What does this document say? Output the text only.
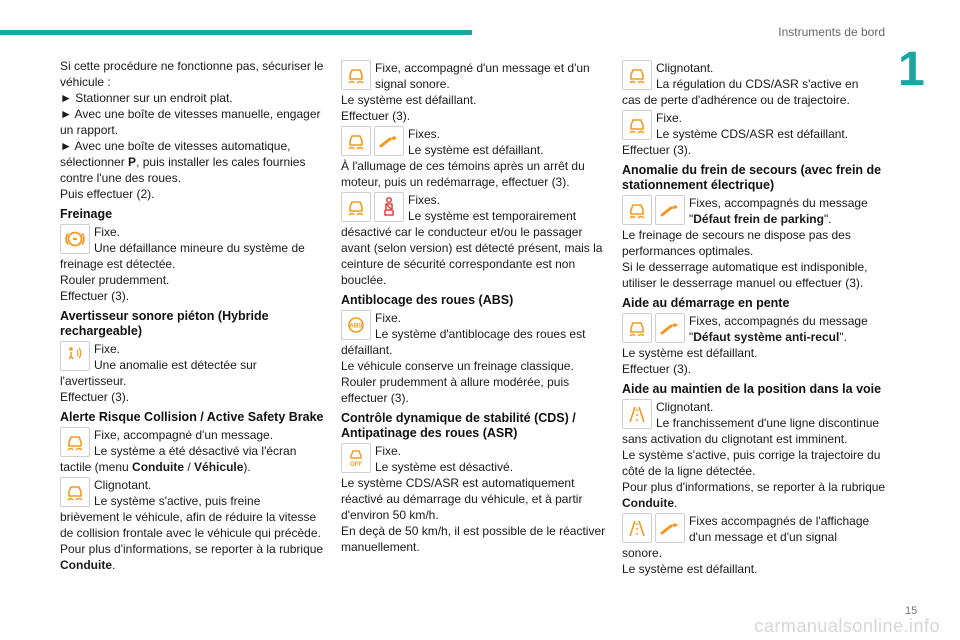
Instruments de bord
1

Si cette procédure ne fonctionne pas, sécuriser le véhicule :

► Stationner sur un endroit plat.

► Avec une boîte de vitesses manuelle, engager un rapport.

► Avec une boîte de vitesses automatique, sélectionner P, puis installer les cales fournies contre l'une des roues.

Puis effectuer (2).

Freinage
Fixe.
Une défaillance mineure du système de

freinage est détectée.

Rouler prudemment.

Effectuer (3).

Avertisseur sonore piéton (Hybride rechargeable)
Fixe.
Une anomalie est détectée sur

l'avertisseur.

Effectuer (3).

Alerte Risque Collision / Active Safety Brake
Fixe, accompagné d'un message.
Le système a été désactivé via l'écran

tactile (menu Conduite / Véhicule).

Clignotant.
Le système s'active, puis freine

brièvement le véhicule, afin de réduire la vitesse de collision frontale avec le véhicule qui précède.

Pour plus d'informations, se reporter à la rubrique Conduite.

Fixe, accompagné d'un message et d'un
signal sonore.

Le système est défaillant.

Effectuer (3).

Fixes.
Le système est défaillant.

À l'allumage de ces témoins après un arrêt du moteur, puis un redémarrage, effectuer (3).

Fixes.
Le système est temporairement

désactivé car le conducteur et/ou le passager avant (selon version) est détecté présent, mais la ceinture de sécurité correspondante est non bouclée.

Antiblocage des roues (ABS)
ABS
Fixe.
Le système d'antiblocage des roues est

défaillant.

Le véhicule conserve un freinage classique.

Rouler prudemment à allure modérée, puis effectuer (3).

Contrôle dynamique de stabilité (CDS) / Antipatinage des roues (ASR)
OFF
Fixe.
Le système est désactivé.

Le système CDS/ASR est automatiquement réactivé au démarrage du véhicule, et à partir d'environ 50 km/h.

En deçà de 50 km/h, il est possible de le réactiver manuellement.

Clignotant.
La régulation du CDS/ASR s'active en

cas de perte d'adhérence ou de trajectoire.

Fixe.
Le système CDS/ASR est défaillant.

Effectuer (3).

Anomalie du frein de secours (avec frein de stationnement électrique)
Fixes, accompagnés du message
"Défaut frein de parking".

Le freinage de secours ne dispose pas des performances optimales.

Si le desserrage automatique est indisponible, utiliser le desserrage manuel ou effectuer (3).

Aide au démarrage en pente
Fixes, accompagnés du message
"Défaut système anti-recul".

Le système est défaillant.

Effectuer (3).

Aide au maintien de la position dans la voie
Clignotant.
Le franchissement d'une ligne discontinue

sans activation du clignotant est imminent.

Le système s'active, puis corrige la trajectoire du côté de la ligne détectée.

Pour plus d'informations, se reporter à la rubrique Conduite.

Fixes accompagnés de l'affichage
d'un message et d'un signal

sonore.

Le système est défaillant.

15
carmanualsonline.info
